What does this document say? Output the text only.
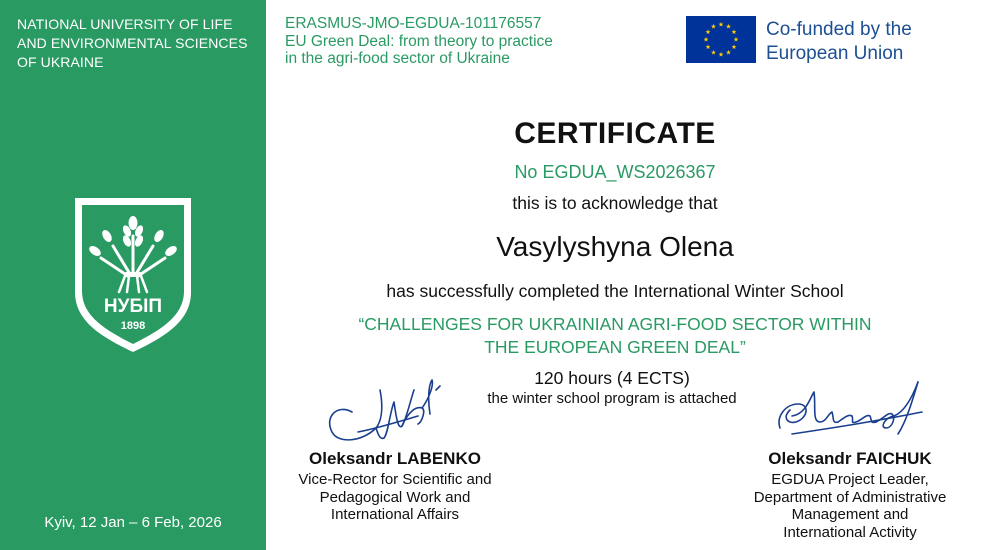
NATIONAL UNIVERSITY OF LIFE
AND ENVIRONMENTAL SCIENCES
OF UKRAINE
НУБІП
1898
Kyiv, 12 Jan – 6 Feb, 2026
ERASMUS-JMO-EGDUA-101176557
EU Green Deal: from theory to practice
in the agri-food sector of Ukraine
Co-funded by the
European Union
CERTIFICATE
No EGDUA_WS2026367
this is to acknowledge that
Vasylyshyna Olena
has successfully completed the International Winter School
“CHALLENGES FOR UKRAINIAN AGRI-FOOD SECTOR WITHIN
THE EUROPEAN GREEN DEAL”
120 hours (4 ECTS)
the winter school program is attached
Oleksandr LABENKO
Vice-Rector for Scientific and
Pedagogical Work and
International Affairs
Oleksandr FAICHUK
EGDUA Project Leader,
Department of Administrative
Management and
International Activity
